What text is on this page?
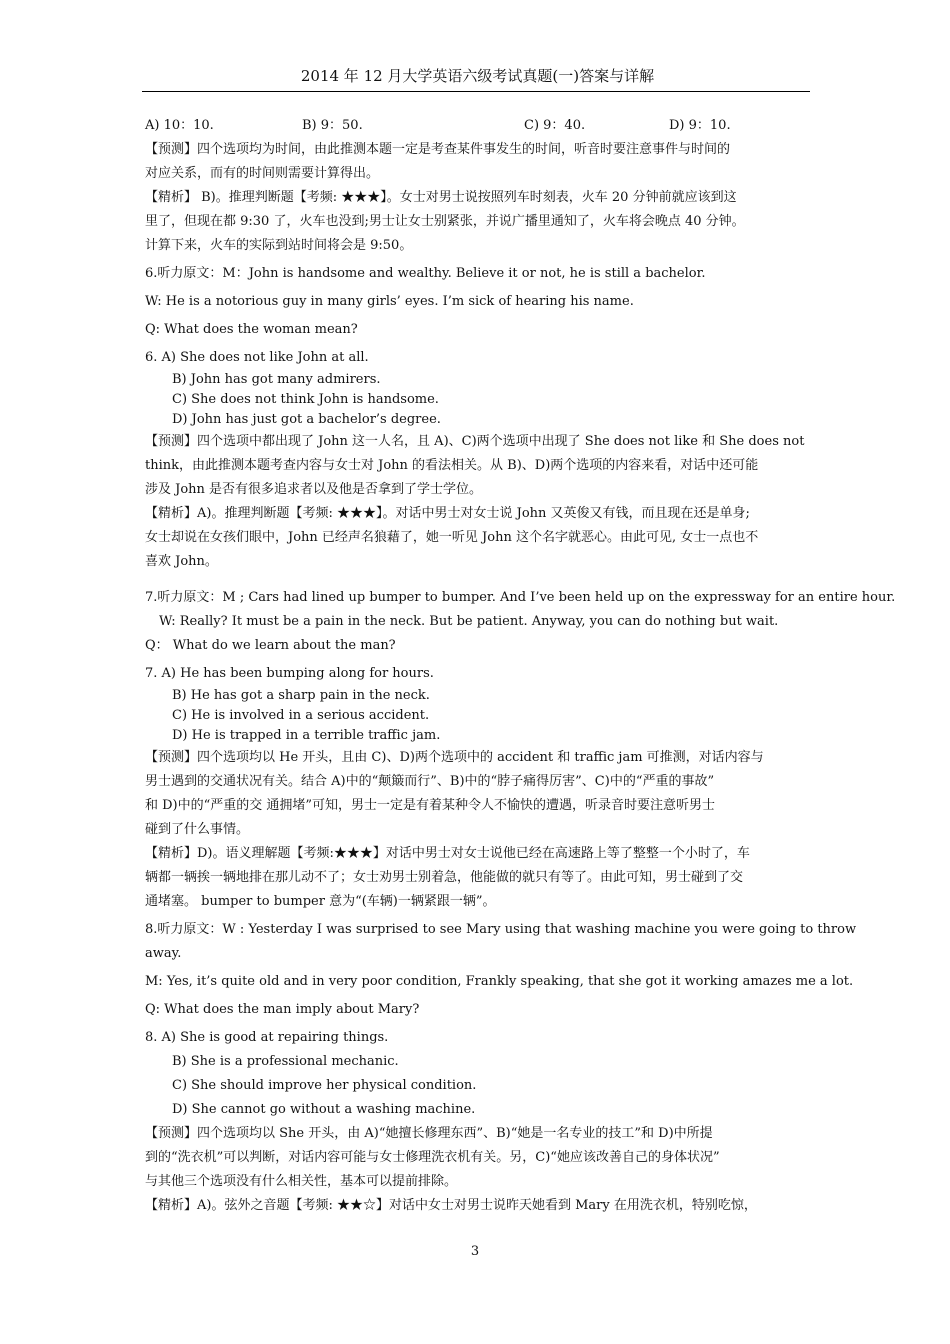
2014 年 12 月大学英语六级考试真题(一)答案与详解
A) 10：10.	B) 9：50.	C) 9：40.	D) 9：10.

【预测】四个选项均为时间，由此推测本题一定是考查某件事发生的时间，听音时要注意事件与时间的

对应关系，而有的时间则需要计算得出。

【精析】 B)。推理判断题【考频: ★★★】。女士对男士说按照列车时刻表，火车 20 分钟前就应该到这

里了，但现在都 9:30 了，火车也没到;男士让女士别紧张，并说广播里通知了，火车将会晚点 40 分钟。

计算下来，火车的实际到站时间将会是 9:50。

6.听力原文：M：John is handsome and wealthy. Believe it or not, he is still a bachelor.

W: He is a notorious guy in many girls’ eyes. I’m sick of hearing his name.

Q: What does the woman mean?

6. A) She does not like John at all.

B) John has got many admirers.

C) She does not think John is handsome.

D) John has just got a bachelor’s degree.

【预测】四个选项中都出现了 John 这一人名，且 A)、C)两个选项中出现了 She does not like 和 She does not

think，由此推测本题考查内容与女士对 John 的看法相关。从 B)、D)两个选项的内容来看，对话中还可能

涉及 John 是否有很多追求者以及他是否拿到了学士学位。

【精析】A)。推理判断题【考频: ★★★】。对话中男士对女士说 John 又英俊又有钱，而且现在还是单身;

女士却说在女孩们眼中，John 已经声名狼藉了，她一听见 John 这个名字就恶心。由此可见, 女士一点也不

喜欢 John。

7.听力原文：M ; Cars had lined up bumper to bumper. And I’ve been held up on the expressway for an entire hour.

W: Really? It must be a pain in the neck. But be patient. Anyway, you can do nothing but wait.

Q： What do we learn about the man?

7. A) He has been bumping along for hours.

B) He has got a sharp pain in the neck.

C) He is involved in a serious accident.

D) He is trapped in a terrible traffic jam.

【预测】四个选项均以 He 开头，且由 C)、D)两个选项中的 accident 和 traffic jam 可推测，对话内容与

男士遇到的交通状况有关。结合 A)中的“颠簸而行”、B)中的“脖子痛得厉害”、C)中的“严重的事故”

和 D)中的“严重的交 通拥堵”可知，男士一定是有着某种令人不愉快的遭遇，听录音时要注意听男士

碰到了什么事情。

【精析】D)。语义理解题【考频:★★★】对话中男士对女士说他已经在高速路上等了整整一个小时了，车

辆都一辆挨一辆地排在那儿动不了；女士劝男士别着急，他能做的就只有等了。由此可知，男士碰到了交

通堵塞。 bumper to bumper 意为“(车辆)一辆紧跟一辆”。

8.听力原文：W : Yesterday I was surprised to see Mary using that washing machine you were going to throw

away.

M: Yes, it’s quite old and in very poor condition, Frankly speaking, that she got it working amazes me a lot.

Q: What does the man imply about Mary?

8. A) She is good at repairing things.

B) She is a professional mechanic.

C) She should improve her physical condition.

D) She cannot go without a washing machine.

【预测】四个选项均以 She 开头，由 A)“她擅长修理东西”、B)“她是一名专业的技工”和 D)中所提

到的“洗衣机”可以判断，对话内容可能与女士修理洗衣机有关。另，C)“她应该改善自己的身体状况”

与其他三个选项没有什么相关性，基本可以提前排除。

【精析】A)。弦外之音题【考频: ★★☆】对话中女士对男士说昨天她看到 Mary 在用洗衣机，特别吃惊，

3
